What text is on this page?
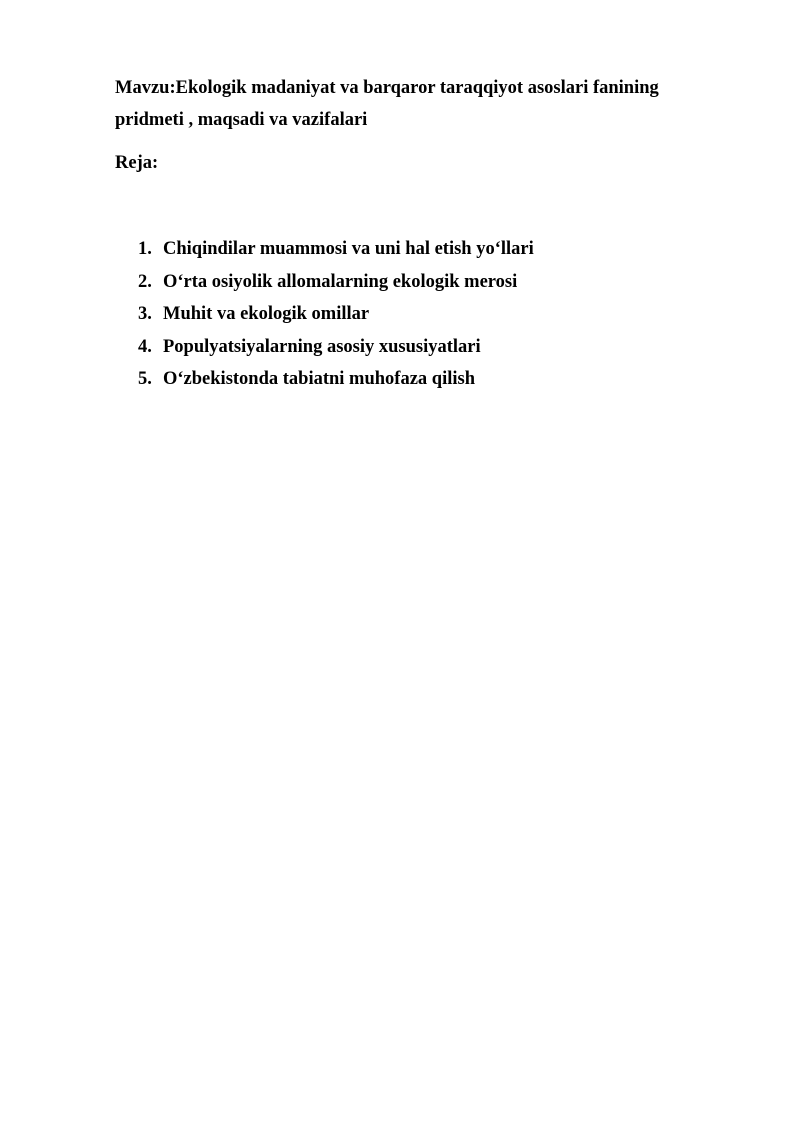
Mavzu:Ekologik madaniyat va barqaror taraqqiyot asoslari fanining
pridmeti , maqsadi va vazifalari

Reja:

1. Chiqindilar muammosi va uni hal etish yo‘llari
2. O‘rta osiyolik allomalarning ekologik merosi
3. Muhit va ekologik omillar
4. Populyatsiyalarning asosiy xususiyatlari
5. O‘zbekistonda tabiatni muhofaza qilish
